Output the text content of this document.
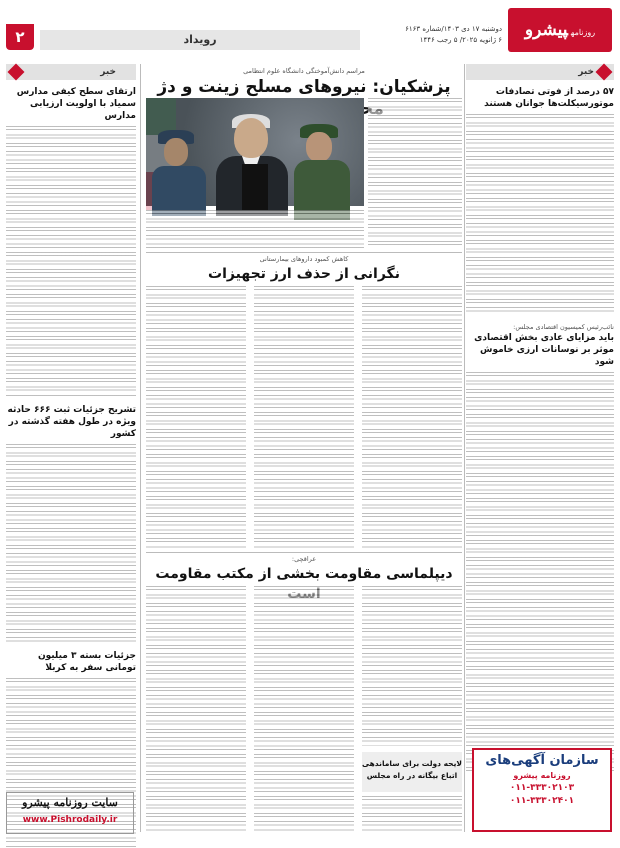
۲	رویداد
دوشنبه ۱۷ دی ۱۴۰۳/شماره ۶۱۶۳
۶ ژانویه ۲۰۲۵/ ۵ رجب ۱۴۴۶
روزنامهپیشرو
خبر
۵۷ درصد از فوتی تصادفات موتورسیکلت‌ها جوانان هستند
نائب‌رئیس کمیسیون اقتصادی مجلس:
باید مزایای عادی بخش اقتصادی موثر بر نوسانات ارزی خاموش شود
خبر
ارتقای سطح کیفی مدارس سمیاد با اولویت ارزیابی مدارس
تشریح جزئیات ثبت ۶۶۶ حادثه ویژه در طول هفته گذشته در کشور
جزئیات بسته ۳ میلیون تومانی سفر به کربلا
مراسم دانش‌آموختگی دانشگاه علوم انتظامی
پزشکیان: نیروهای مسلح زینت و دژ
کاهش کمبود داروهای بیمارستانی
نگرانی از حذف ارز تجهیزات
عراقچی:
دیپلماسی مقاومت بخشی از مکتب مقاومت
لایحه دولت برای ساماندهی اتباع بیگانه در راه مجلس
سازمان آگهی‌های
روزنامه پیشرو
۰۱۱-۳۳۳۰۲۱۰۳
۰۱۱-۳۳۳۰۲۴۰۱
سایت روزنامه پیشرو
www.Pishrodaily.ir
